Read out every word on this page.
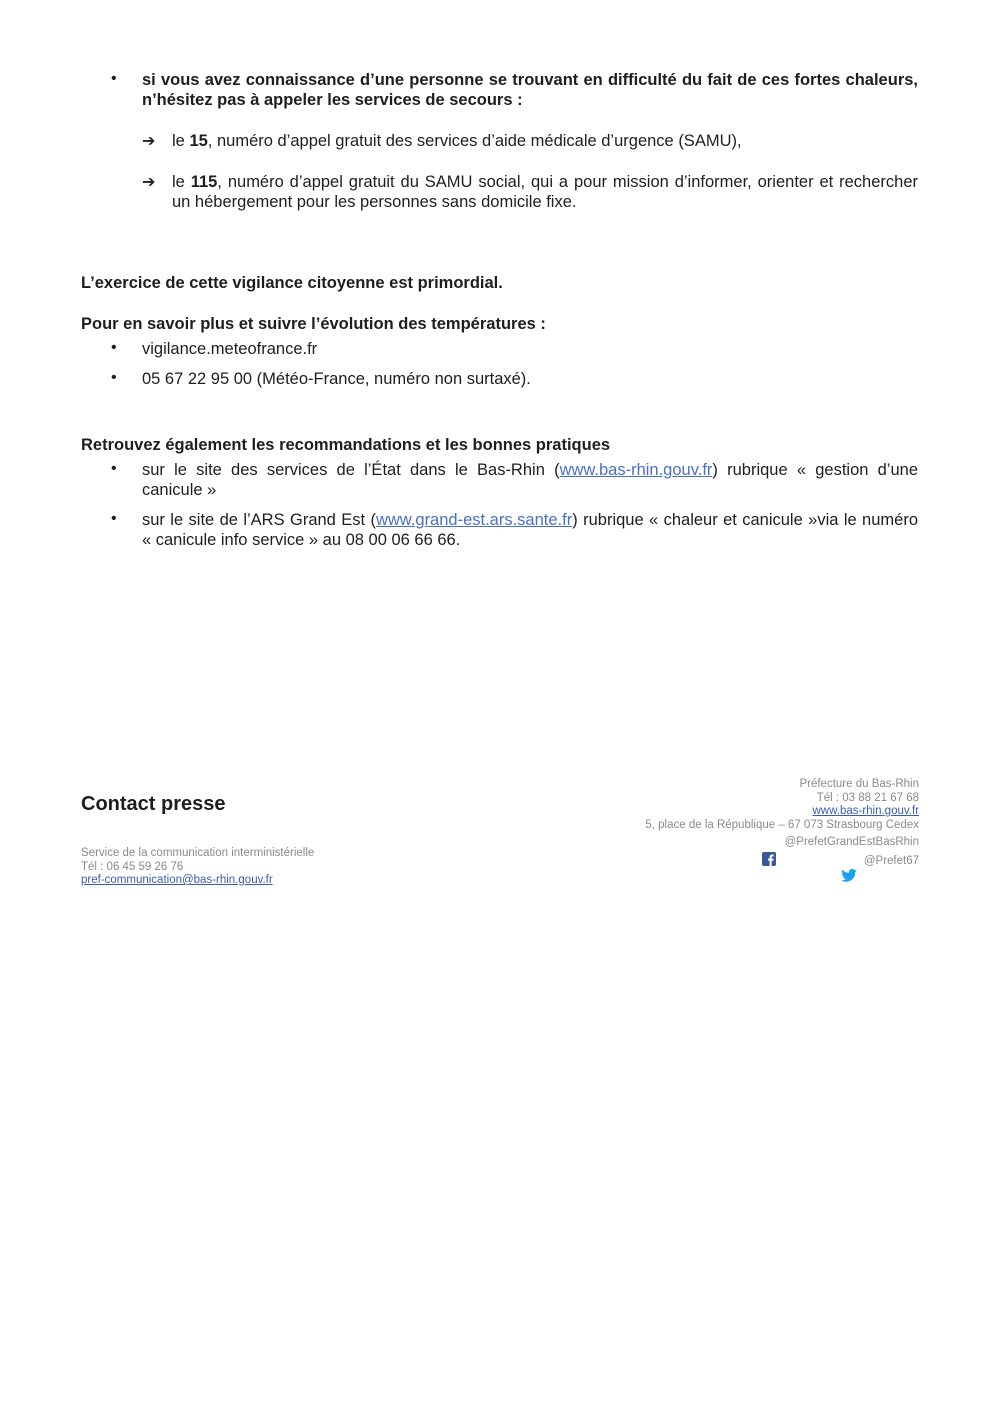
• si vous avez connaissance d’une personne se trouvant en difficulté du fait de ces fortes chaleurs, n’hésitez pas à appeler les services de secours :
➔ le 15, numéro d’appel gratuit des services d’aide médicale d’urgence (SAMU),
➔ le 115, numéro d’appel gratuit du SAMU social, qui a pour mission d’informer, orienter et rechercher un hébergement pour les personnes sans domicile fixe.
L’exercice de cette vigilance citoyenne est primordial.
Pour en savoir plus et suivre l’évolution des températures :
• vigilance.meteofrance.fr
• 05 67 22 95 00 (Météo-France, numéro non surtaxé).
Retrouvez également les recommandations et les bonnes pratiques
• sur le site des services de l’État dans le Bas-Rhin (www.bas-rhin.gouv.fr) rubrique « gestion d’une canicule »
• sur le site de l’ARS Grand Est (www.grand-est.ars.sante.fr) rubrique « chaleur et canicule »via le numéro « canicule info service » au 08 00 06 66 66.
Contact presse
Service de la communication interministérielle
Tél : 06 45 59 26 76
pref-communication@bas-rhin.gouv.fr
Préfecture du Bas-Rhin
Tél : 03 88 21 67 68
www.bas-rhin.gouv.fr
5, place de la République – 67 073 Strasbourg Cedex
@PrefetGrandEstBasRhin
@Prefet67
